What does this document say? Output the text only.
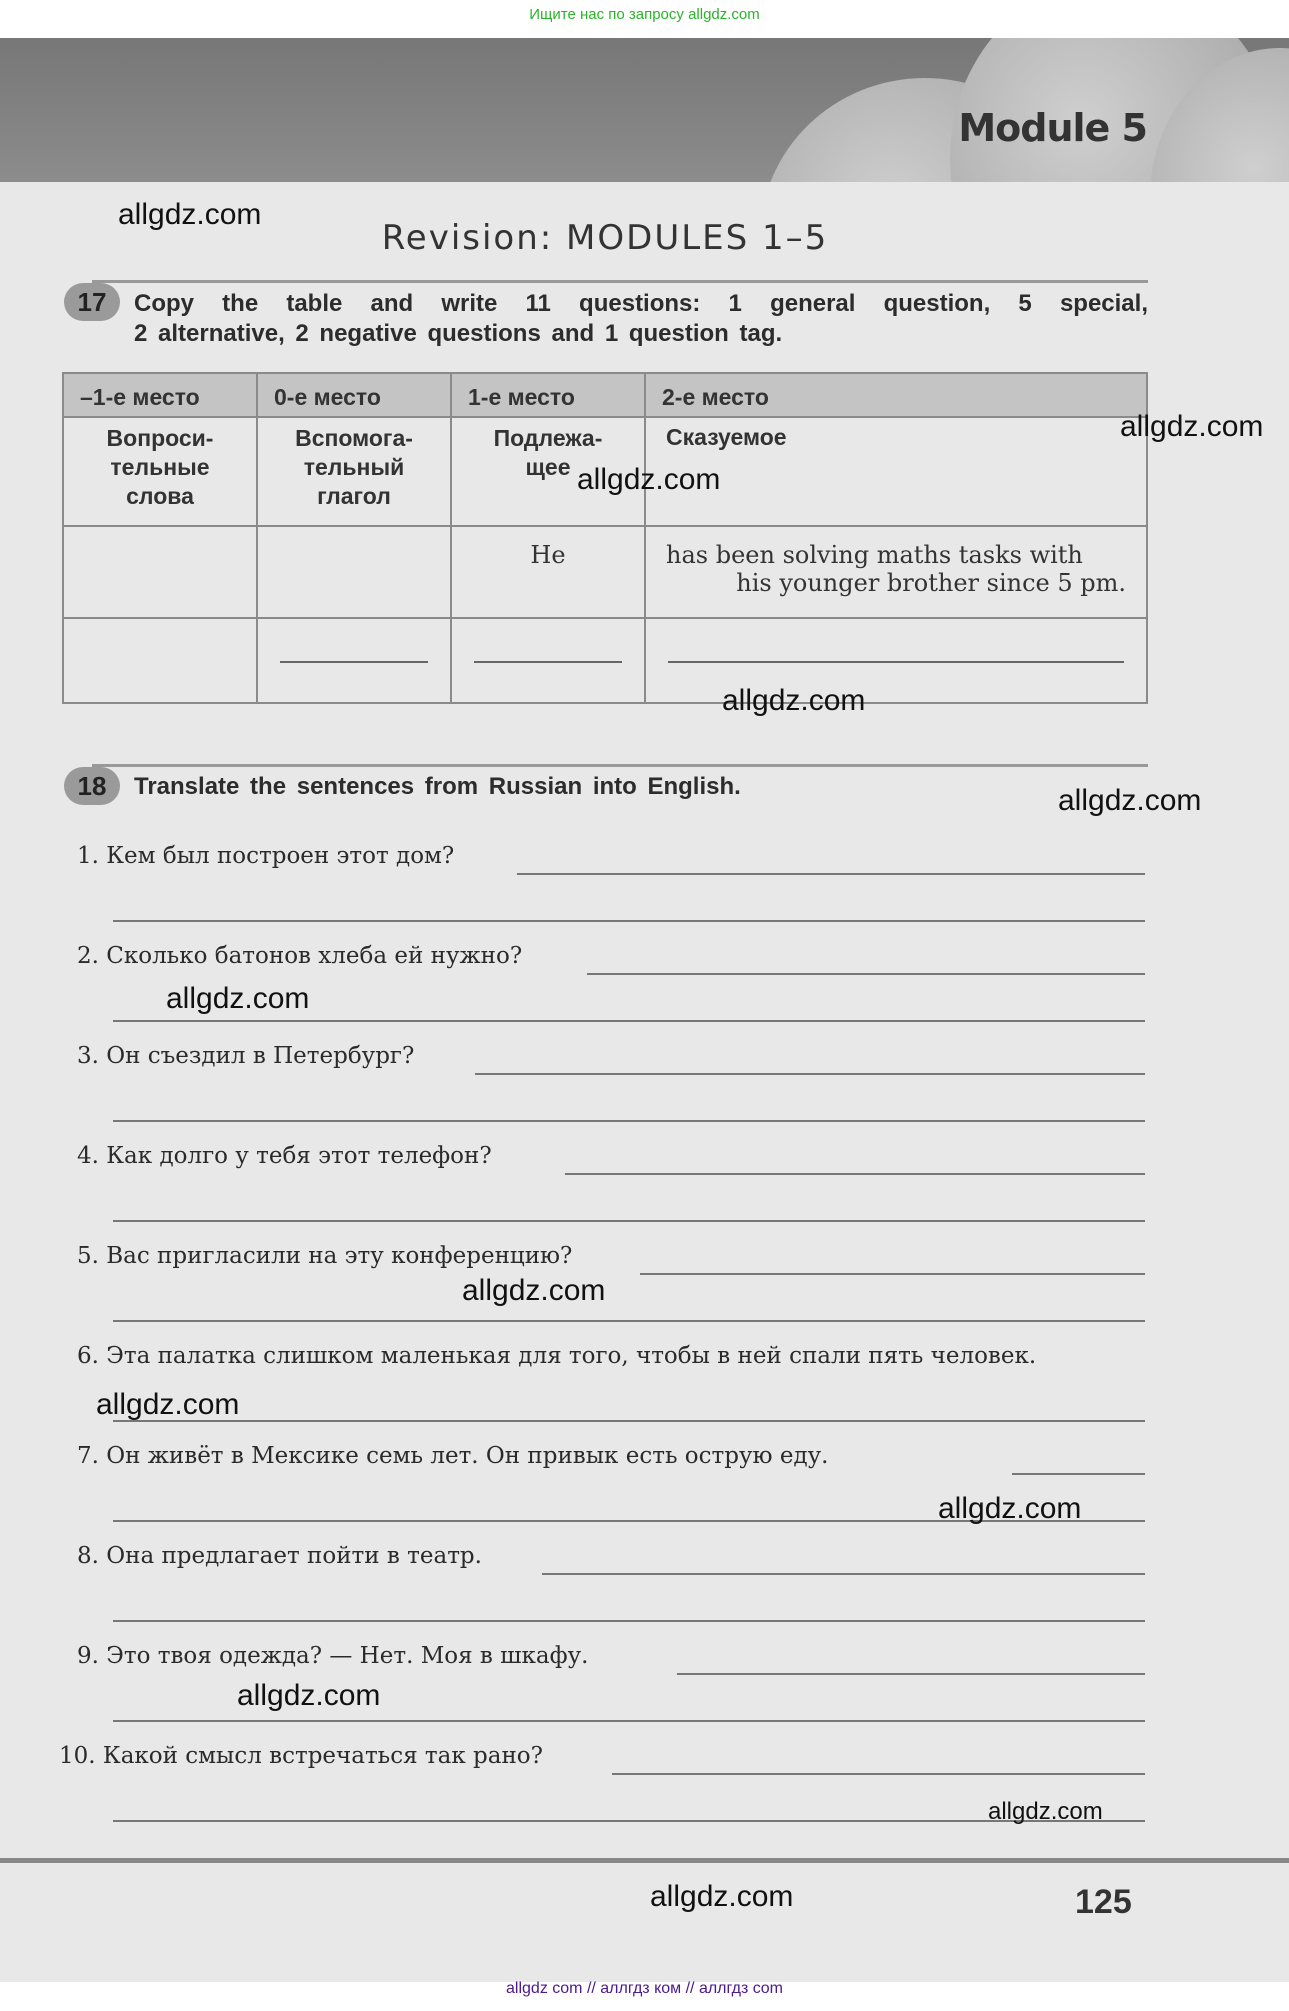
Ищите нас по запросу allgdz.com
Module 5
Revision: MODULES 1–5
17	Copy the table and write 11 questions: 1 general question, 5 special,
2 alternative, 2 negative questions and 1 question tag.
–1-е место	0-е место	1-е место	2-е место
Вопроси-
тельные
слова	Вспомога-
тельный
глагол	Подлежа-
щее	Сказуемое
		He	has been solving maths tasks with
his younger brother since 5 pm.

18	Translate the sentences from Russian into English.
1. Кем был построен этот дом?
2. Сколько батонов хлеба ей нужно?
3. Он съездил в Петербург?
4. Как долго у тебя этот телефон?
5. Вас пригласили на эту конференцию?
6. Эта палатка слишком маленькая для того, чтобы в ней спали пять человек.
7. Он живёт в Мексике семь лет. Он привык есть острую еду.
8. Она предлагает пойти в театр.
9. Это твоя одежда? — Нет. Моя в шкафу.
10. Какой смысл встречаться так рано?
allgdz.com
allgdz.com
allgdz.com
allgdz.com
allgdz.com
allgdz.com
allgdz.com
allgdz.com
allgdz.com
allgdz.com
allgdz.com
allgdz.com	125
allgdz com // аллгдз ком // аллгдз com
